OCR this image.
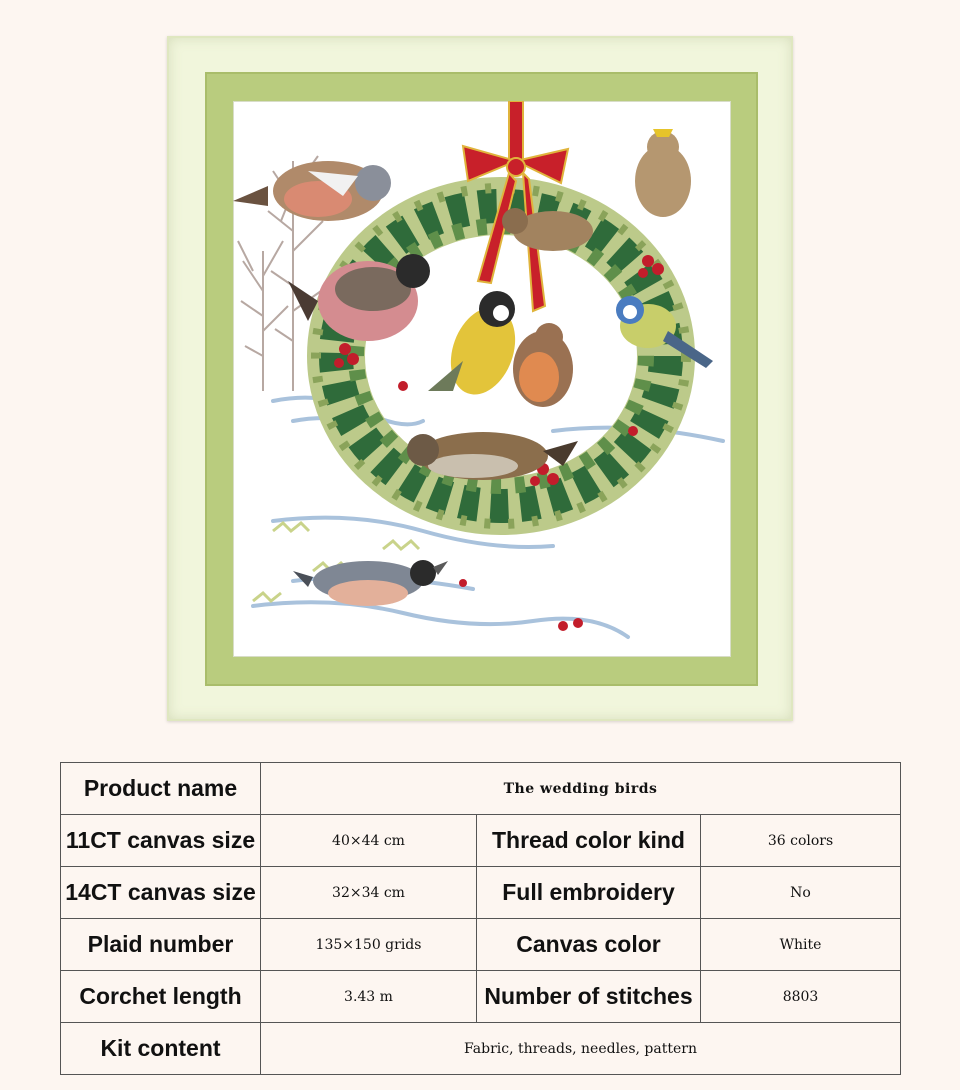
Product name	The wedding birds		
11CT canvas size	40×44 cm	Thread color kind	36 colors
14CT canvas size	32×34 cm	Full embroidery	No
Plaid number	135×150 grids	Canvas color	White
Corchet length	3.43 m	Number of stitches	8803
Kit content	Fabric, threads, needles, pattern		
